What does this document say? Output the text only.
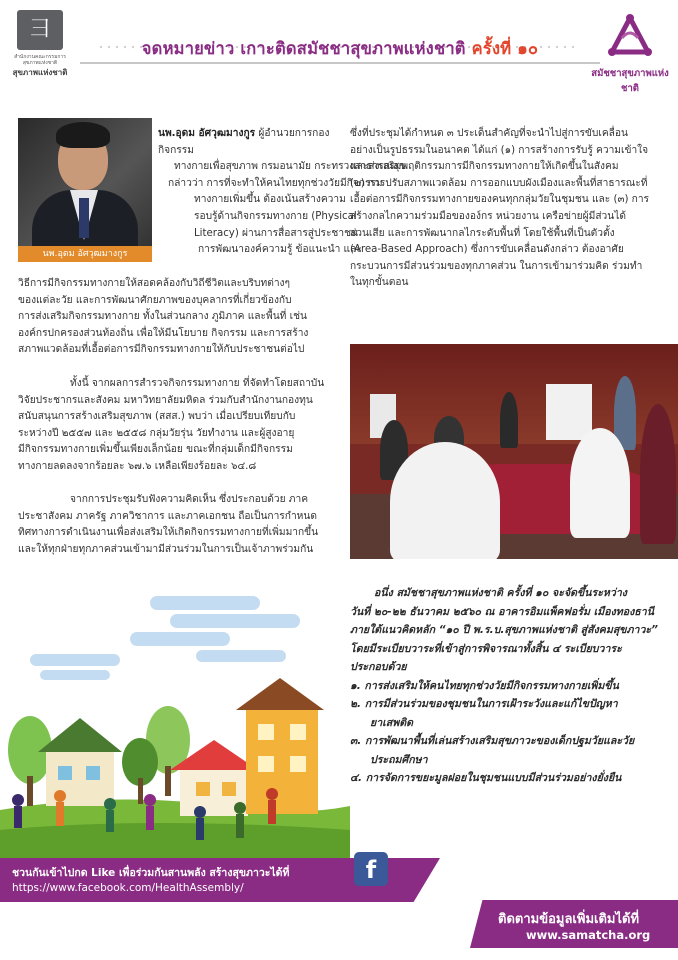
⺕
สำนักงานคณะกรรมการสุขภาพแห่งชาติ
สุขภาพแห่งชาติ
จดหมายข่าว เกาะติดสมัชชาสุขภาพแห่งชาติ ครั้งที่ ๑๐
สมัชชาสุขภาพแห่งชาติ
นพ.อุดม อัศวุฒมางกูร
นพ.อุดม อัศวุฒมางกูร ผู้อำนวยการกองกิจกรรม
ทางกายเพื่อสุขภาพ กรมอนามัย กระทรวงสาธารณสุข
กล่าวว่า การที่จะทำให้คนไทยทุกช่วงวัยมีกิจกรรม
ทางกายเพิ่มขึ้น ต้องเน้นสร้างความ
รอบรู้ด้านกิจกรรมทางกาย (Physical
Literacy) ผ่านการสื่อสารสู่ประชาชน
การพัฒนาองค์ความรู้ ข้อแนะนำ และ
วิธีการมีกิจกรรมทางกายให้สอดคล้องกับวิถีชีวิตและบริบทต่างๆ
ของแต่ละวัย และการพัฒนาศักยภาพของบุคลากรที่เกี่ยวข้องกับ
การส่งเสริมกิจกรรมทางกาย ทั้งในส่วนกลาง ภูมิภาค และพื้นที่ เช่น
องค์กรปกครองส่วนท้องถิ่น เพื่อให้มีนโยบาย กิจกรรม และการสร้าง
สภาพแวดล้อมที่เอื้อต่อการมีกิจกรรมทางกายให้กับประชาชนต่อไป
ทั้งนี้ จากผลการสำรวจกิจกรรมทางกาย ที่จัดทำโดยสถาบัน
วิจัยประชากรและสังคม มหาวิทยาลัยมหิดล ร่วมกับสำนักงานกองทุน
สนับสนุนการสร้างเสริมสุขภาพ (สสส.) พบว่า เมื่อเปรียบเทียบกับ
ระหว่างปี ๒๕๕๗ และ ๒๕๕๘ กลุ่มวัยรุ่น วัยทำงาน และผู้สูงอายุ
มีกิจกรรมทางกายเพิ่มขึ้นเพียงเล็กน้อย ขณะที่กลุ่มเด็กมีกิจกรรม
ทางกายลดลงจากร้อยละ ๖๗.๖ เหลือเพียงร้อยละ ๖๔.๘
จากการประชุมรับฟังความคิดเห็น ซึ่งประกอบด้วย ภาค
ประชาสังคม ภาครัฐ ภาควิชาการ และภาคเอกชน ถือเป็นการกำหนด
ทิศทางการดำเนินงานเพื่อส่งเสริมให้เกิดกิจกรรมทางกายที่เพิ่มมากขึ้น
และให้ทุกฝ่ายทุกภาคส่วนเข้ามามีส่วนร่วมในการเป็นเจ้าภาพร่วมกัน
ซึ่งที่ประชุมได้กำหนด ๓ ประเด็นสำคัญที่จะนำไปสู่การขับเคลื่อน
อย่างเป็นรูปธรรมในอนาคต ได้แก่ (๑) การสร้างการรับรู้ ความเข้าใจ
และส่งเสริมพฤติกรรมการมีกิจกรรมทางกายให้เกิดขึ้นในสังคม
(๒) การปรับสภาพแวดล้อม การออกแบบผังเมืองและพื้นที่สาธารณะที่
เอื้อต่อการมีกิจกรรมทางกายของคนทุกกลุ่มวัยในชุมชน และ (๓) การ
สร้างกลไกความร่วมมือขององ์กร หน่วยงาน เครือข่ายผู้มีส่วนได้
ส่วนเสีย และการพัฒนากลไกระดับพื้นที่ โดยใช้พื้นที่เป็นตัวตั้ง
(Area-Based Approach) ซึ่งการขับเคลื่อนดังกล่าว ต้องอาศัย
กระบวนการมีส่วนร่วมของทุกภาคส่วน ในการเข้ามาร่วมคิด ร่วมทำ
ในทุกขั้นตอน
อนึ่ง สมัชชาสุขภาพแห่งชาติ ครั้งที่ ๑๐ จะจัดขึ้นระหว่าง
วันที่ ๒๐-๒๒ ธันวาคม ๒๕๖๐ ณ อาคารอิมแพ็คฟอรั่ม เมืองทองธานี
ภายใต้แนวคิดหลัก “๑๐ ปี พ.ร.บ.สุขภาพแห่งชาติ สู่สังคมสุขภาวะ”
โดยมีระเบียบวาระที่เข้าสู่การพิจารณาทั้งสิ้น ๔ ระเบียบวาระ
ประกอบด้วย
๑. การส่งเสริมให้คนไทยทุกช่วงวัยมีกิจกรรมทางกายเพิ่มขึ้น
๒. การมีส่วนร่วมของชุมชนในการเฝ้าระวังและแก้ไขปัญหา
ยาเสพติด
๓. การพัฒนาพื้นที่เล่นสร้างเสริมสุขภาวะของเด็กปฐมวัยและวัย
ประถมศึกษา
๔. การจัดการขยะมูลฝอยในชุมชนแบบมีส่วนร่วมอย่างยั่งยืน
ชวนกันเข้าไปกด Like เพื่อร่วมกันสานพลัง สร้างสุขภาวะได้ที่
https://www.facebook.com/HealthAssembly/
f
ติดตามข้อมูลเพิ่มเติมได้ที่
www.samatcha.org
